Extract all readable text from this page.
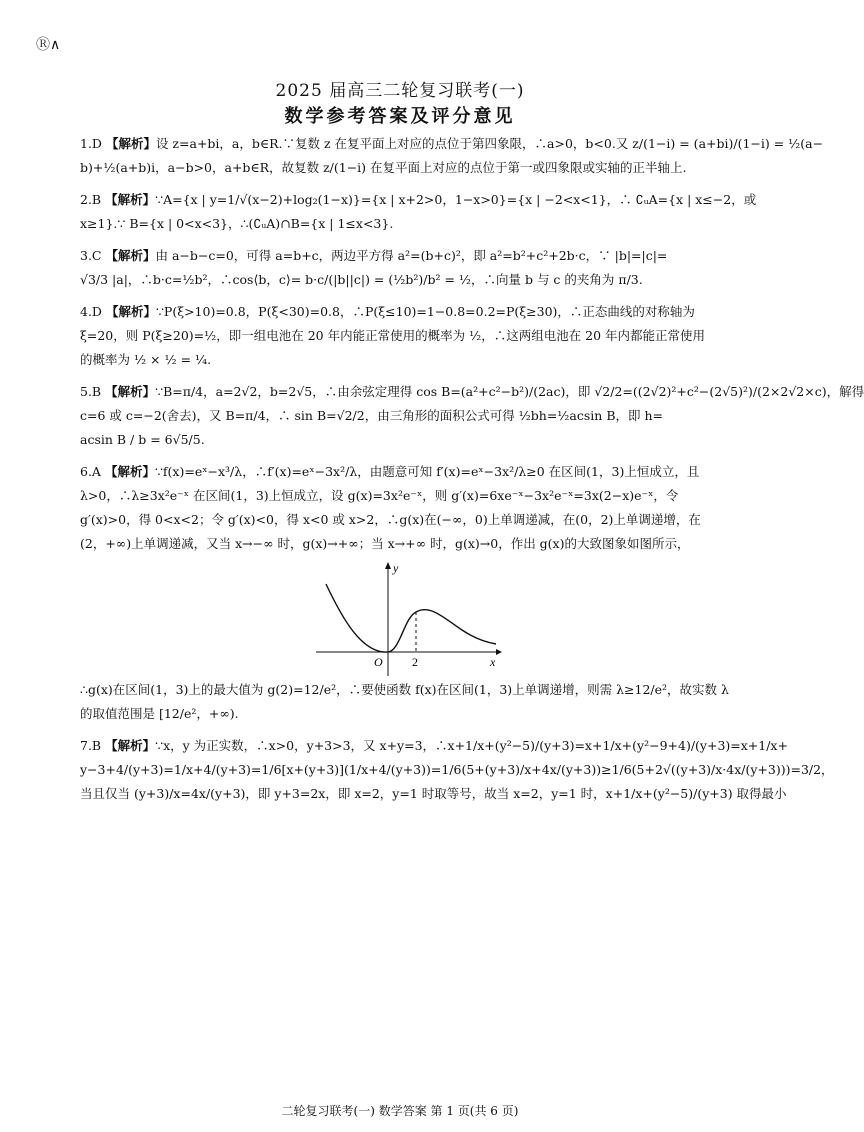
Ⓡ∧
2025 届高三二轮复习联考(一)
数学参考答案及评分意见
1.D 【解析】设 z=a+bi，a，b∈R.∵复数 z 在复平面上对应的点位于第四象限，∴a>0，b<0.又 z/(1−i) = (a+bi)/(1−i) = ½(a−
b)+½(a+b)i，a−b>0，a+b∈R，故复数 z/(1−i) 在复平面上对应的点位于第一或四象限或实轴的正半轴上.
2.B 【解析】∵A={x | y=1/√(x−2)+log₂(1−x)}={x | x+2>0，1−x>0}={x | −2<x<1}，∴ ∁ᵤA={x | x≤−2，或
x≥1}.∵ B={x | 0<x<3}，∴(∁ᵤA)∩B={x | 1≤x<3}.
3.C 【解析】由 a−b−c=0，可得 a=b+c，两边平方得 a²=(b+c)²，即 a²=b²+c²+2b·c，∵ |b|=|c|=
√3/3 |a|，∴b·c=½b²，∴cos⟨b，c⟩= b·c/(|b||c|) = (½b²)/b² = ½，∴向量 b 与 c 的夹角为 π/3.
4.D 【解析】∵P(ξ>10)=0.8，P(ξ<30)=0.8，∴P(ξ≤10)=1−0.8=0.2=P(ξ≥30)，∴正态曲线的对称轴为
ξ=20，则 P(ξ≥20)=½，即一组电池在 20 年内能正常使用的概率为 ½，∴这两组电池在 20 年内都能正常使用
的概率为 ½ × ½ = ¼.
5.B 【解析】∵B=π/4，a=2√2，b=2√5，∴由余弦定理得 cos B=(a²+c²−b²)/(2ac)，即 √2/2=((2√2)²+c²−(2√5)²)/(2×2√2×c)，解得
c=6 或 c=−2(舍去)，又 B=π/4，∴ sin B=√2/2，由三角形的面积公式可得 ½bh=½acsin B，即 h=
acsin B / b = 6√5/5.
6.A 【解析】∵f(x)=eˣ−x³/λ，∴f′(x)=eˣ−3x²/λ，由题意可知 f′(x)=eˣ−3x²/λ≥0 在区间(1，3)上恒成立，且
λ>0，∴λ≥3x²e⁻ˣ 在区间(1，3)上恒成立，设 g(x)=3x²e⁻ˣ，则 g′(x)=6xe⁻ˣ−3x²e⁻ˣ=3x(2−x)e⁻ˣ，令
g′(x)>0，得 0<x<2；令 g′(x)<0，得 x<0 或 x>2，∴g(x)在(−∞，0)上单调递减，在(0，2)上单调递增，在
(2，+∞)上单调递减，又当 x→−∞ 时，g(x)→+∞；当 x→+∞ 时，g(x)→0，作出 g(x)的大致图象如图所示，
y
x
O 2
∴g(x)在区间(1，3)上的最大值为 g(2)=12/e²，∴要使函数 f(x)在区间(1，3)上单调递增，则需 λ≥12/e²，故实数 λ
的取值范围是 [12/e²，+∞).
7.B 【解析】∵x，y 为正实数，∴x>0，y+3>3，又 x+y=3，∴x+1/x+(y²−5)/(y+3)=x+1/x+(y²−9+4)/(y+3)=x+1/x+
y−3+4/(y+3)=1/x+4/(y+3)=1/6[x+(y+3)](1/x+4/(y+3))=1/6(5+(y+3)/x+4x/(y+3))≥1/6(5+2√((y+3)/x·4x/(y+3)))=3/2，
当且仅当 (y+3)/x=4x/(y+3)，即 y+3=2x，即 x=2，y=1 时取等号，故当 x=2，y=1 时，x+1/x+(y²−5)/(y+3) 取得最小
二轮复习联考(一) 数学答案 第 1 页(共 6 页)
